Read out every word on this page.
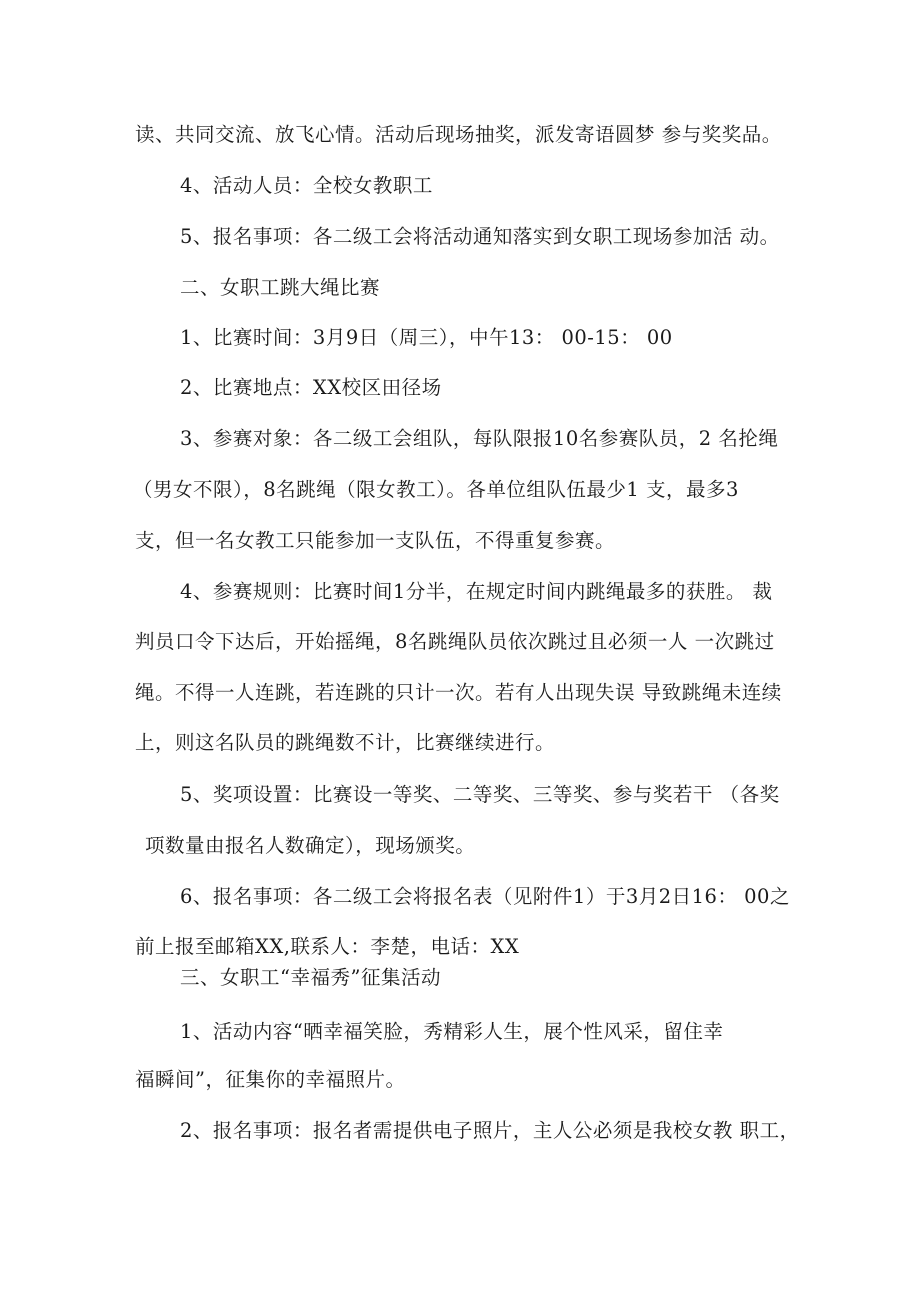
读、共同交流、放飞心情。活动后现场抽奖，派发寄语圆梦 参与奖奖品。
4、活动人员：全校女教职工
5、报名事项：各二级工会将活动通知落实到女职工现场参加活 动。
二、女职工跳大绳比赛
1、比赛时间：3月9日（周三），中午13： 00-15： 00
2、比赛地点：XX校区田径场
3、参赛对象：各二级工会组队，每队限报10名参赛队员，2 名抡绳
（男女不限），8名跳绳（限女教工）。各单位组队伍最少1 支，最多3
支，但一名女教工只能参加一支队伍，不得重复参赛。
4、参赛规则：比赛时间1分半，在规定时间内跳绳最多的获胜。 裁
判员口令下达后，开始摇绳，8名跳绳队员依次跳过且必须一人 一次跳过
绳。不得一人连跳，若连跳的只计一次。若有人出现失误 导致跳绳未连续
上，则这名队员的跳绳数不计，比赛继续进行。
5、奖项设置：比赛设一等奖、二等奖、三等奖、参与奖若干 （各奖
项数量由报名人数确定），现场颁奖。
6、报名事项：各二级工会将报名表（见附件1）于3月2日16： 00之
前上报至邮箱XX,联系人：李楚，电话：XX
三、女职工“幸福秀”征集活动
1、活动内容“晒幸福笑脸，秀精彩人生，展个性风采，留住幸
福瞬间”，征集你的幸福照片。
2、报名事项：报名者需提供电子照片，主人公必须是我校女教 职工，
